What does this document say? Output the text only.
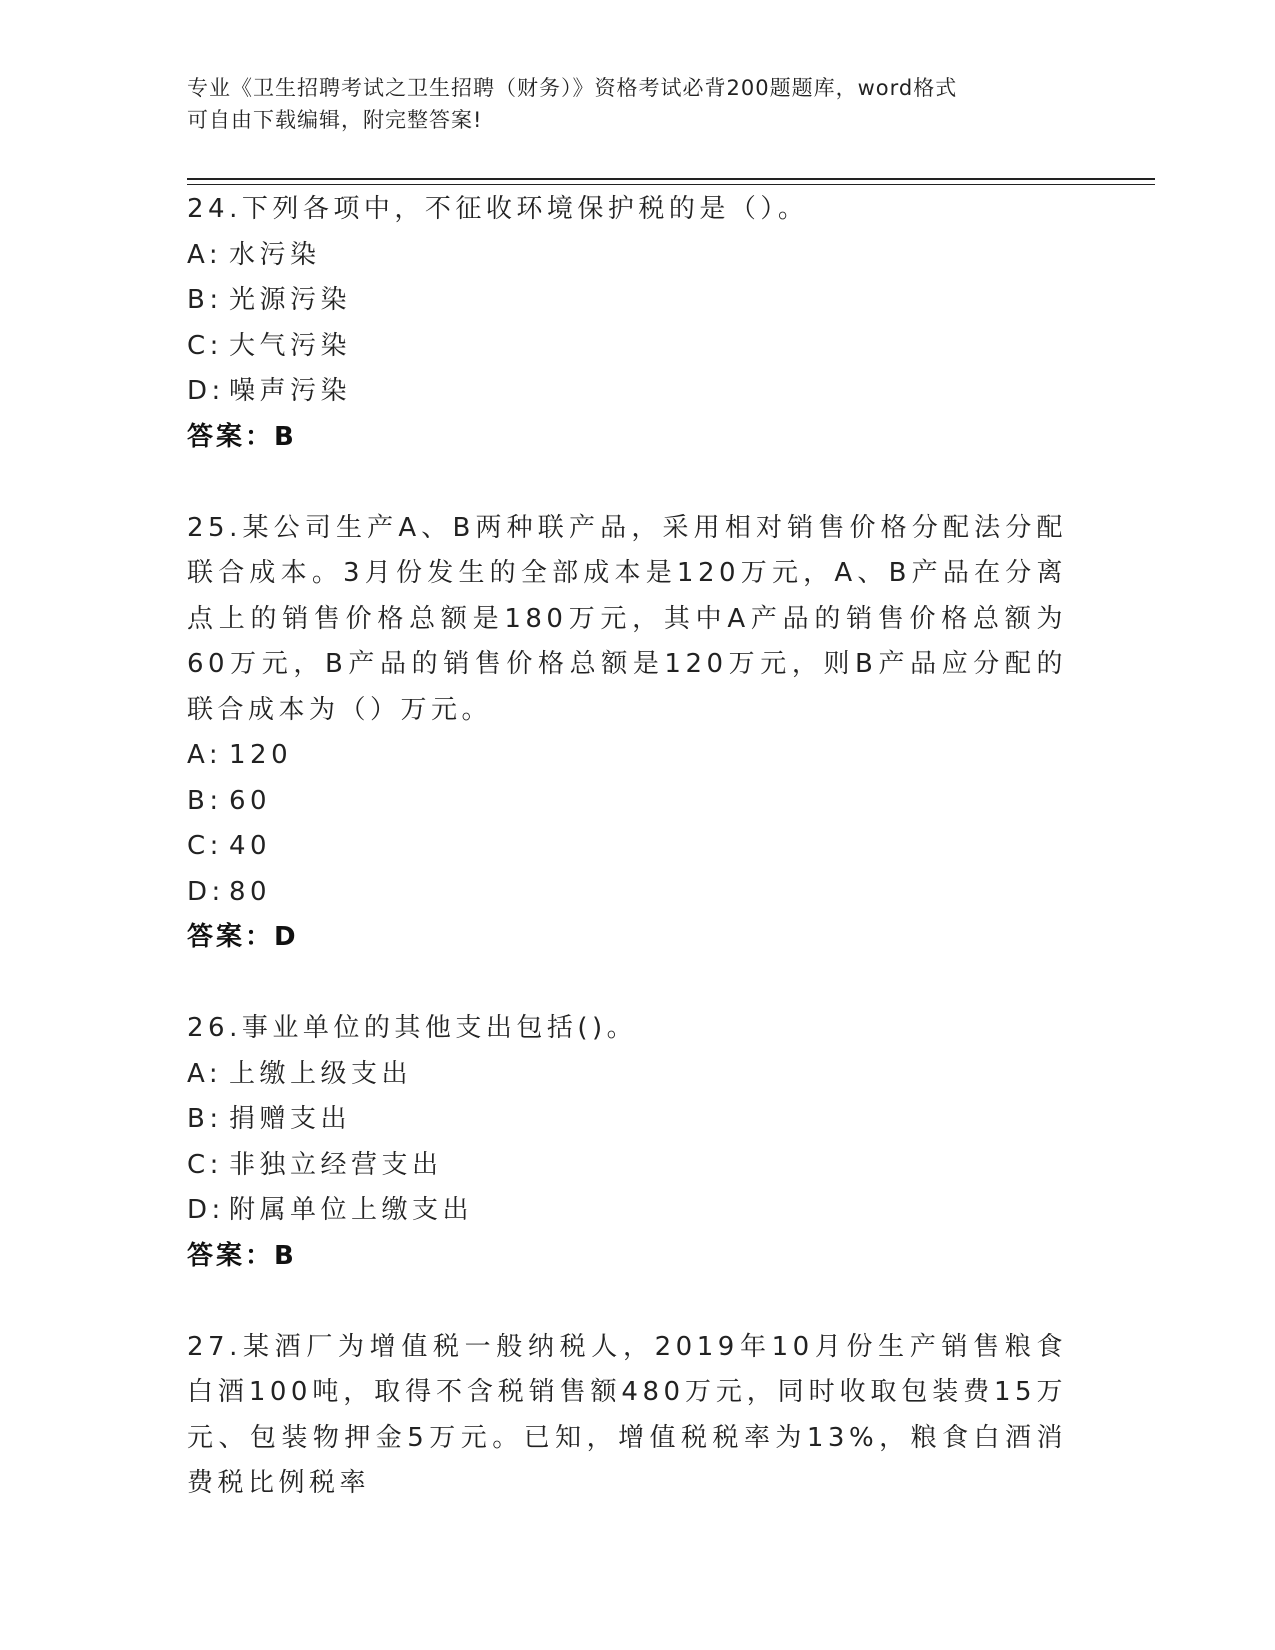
专业《卫生招聘考试之卫生招聘（财务）》资格考试必背200题题库，word格式
可自由下载编辑，附完整答案!

24.下列各项中，不征收环境保护税的是（）。

A: 水污染
B: 光源污染
C: 大气污染
D: 噪声污染

答案：B

25.某公司生产A、B两种联产品，采用相对销售价格分配法分配联合成本。3月份发生的全部成本是120万元，A、B产品在分离点上的销售价格总额是180万元，其中A产品的销售价格总额为60万元，B产品的销售价格总额是120万元，则B产品应分配的联合成本为（）万元。

A: 120
B: 60
C: 40
D: 80

答案：D

26.事业单位的其他支出包括()。

A: 上缴上级支出
B: 捐赠支出
C: 非独立经营支出
D: 附属单位上缴支出

答案：B

27.某酒厂为增值税一般纳税人，2019年10月份生产销售粮食白酒100吨，取得不含税销售额480万元，同时收取包装费15万元、包装物押金5万元。已知，增值税税率为13%，粮食白酒消费税比例税率
